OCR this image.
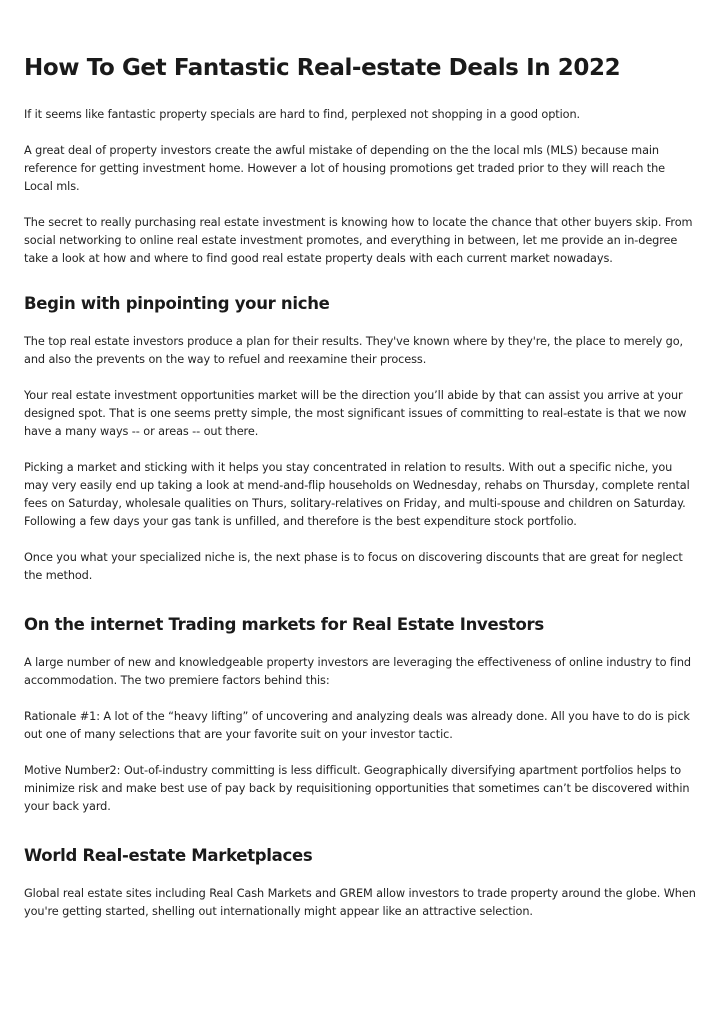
How To Get Fantastic Real-estate Deals In 2022

If it seems like fantastic property specials are hard to find, perplexed not shopping in a good option.

A great deal of property investors create the awful mistake of depending on the the local mls (MLS) because main reference for getting investment home. However a lot of housing promotions get traded prior to they will reach the Local mls.

The secret to really purchasing real estate investment is knowing how to locate the chance that other buyers skip. From social networking to online real estate investment promotes, and everything in between, let me provide an in-degree take a look at how and where to find good real estate property deals with each current market nowadays.

Begin with pinpointing your niche

The top real estate investors produce a plan for their results. They've known where by they're, the place to merely go, and also the prevents on the way to refuel and reexamine their process.

Your real estate investment opportunities market will be the direction you’ll abide by that can assist you arrive at your designed spot. That is one seems pretty simple, the most significant issues of committing to real-estate is that we now have a many ways -- or areas -- out there.

Picking a market and sticking with it helps you stay concentrated in relation to results. With out a specific niche, you may very easily end up taking a look at mend-and-flip households on Wednesday, rehabs on Thursday, complete rental fees on Saturday, wholesale qualities on Thurs, solitary-relatives on Friday, and multi-spouse and children on Saturday. Following a few days your gas tank is unfilled, and therefore is the best expenditure stock portfolio.

Once you what your specialized niche is, the next phase is to focus on discovering discounts that are great for neglect the method.

On the internet Trading markets for Real Estate Investors

A large number of new and knowledgeable property investors are leveraging the effectiveness of online industry to find accommodation. The two premiere factors behind this:

Rationale #1: A lot of the “heavy lifting” of uncovering and analyzing deals was already done. All you have to do is pick out one of many selections that are your favorite suit on your investor tactic.

Motive Number2: Out-of-industry committing is less difficult. Geographically diversifying apartment portfolios helps to minimize risk and make best use of pay back by requisitioning opportunities that sometimes can’t be discovered within your back yard.

World Real-estate Marketplaces

Global real estate sites including Real Cash Markets and GREM allow investors to trade property around the globe. When you're getting started, shelling out internationally might appear like an attractive selection.
